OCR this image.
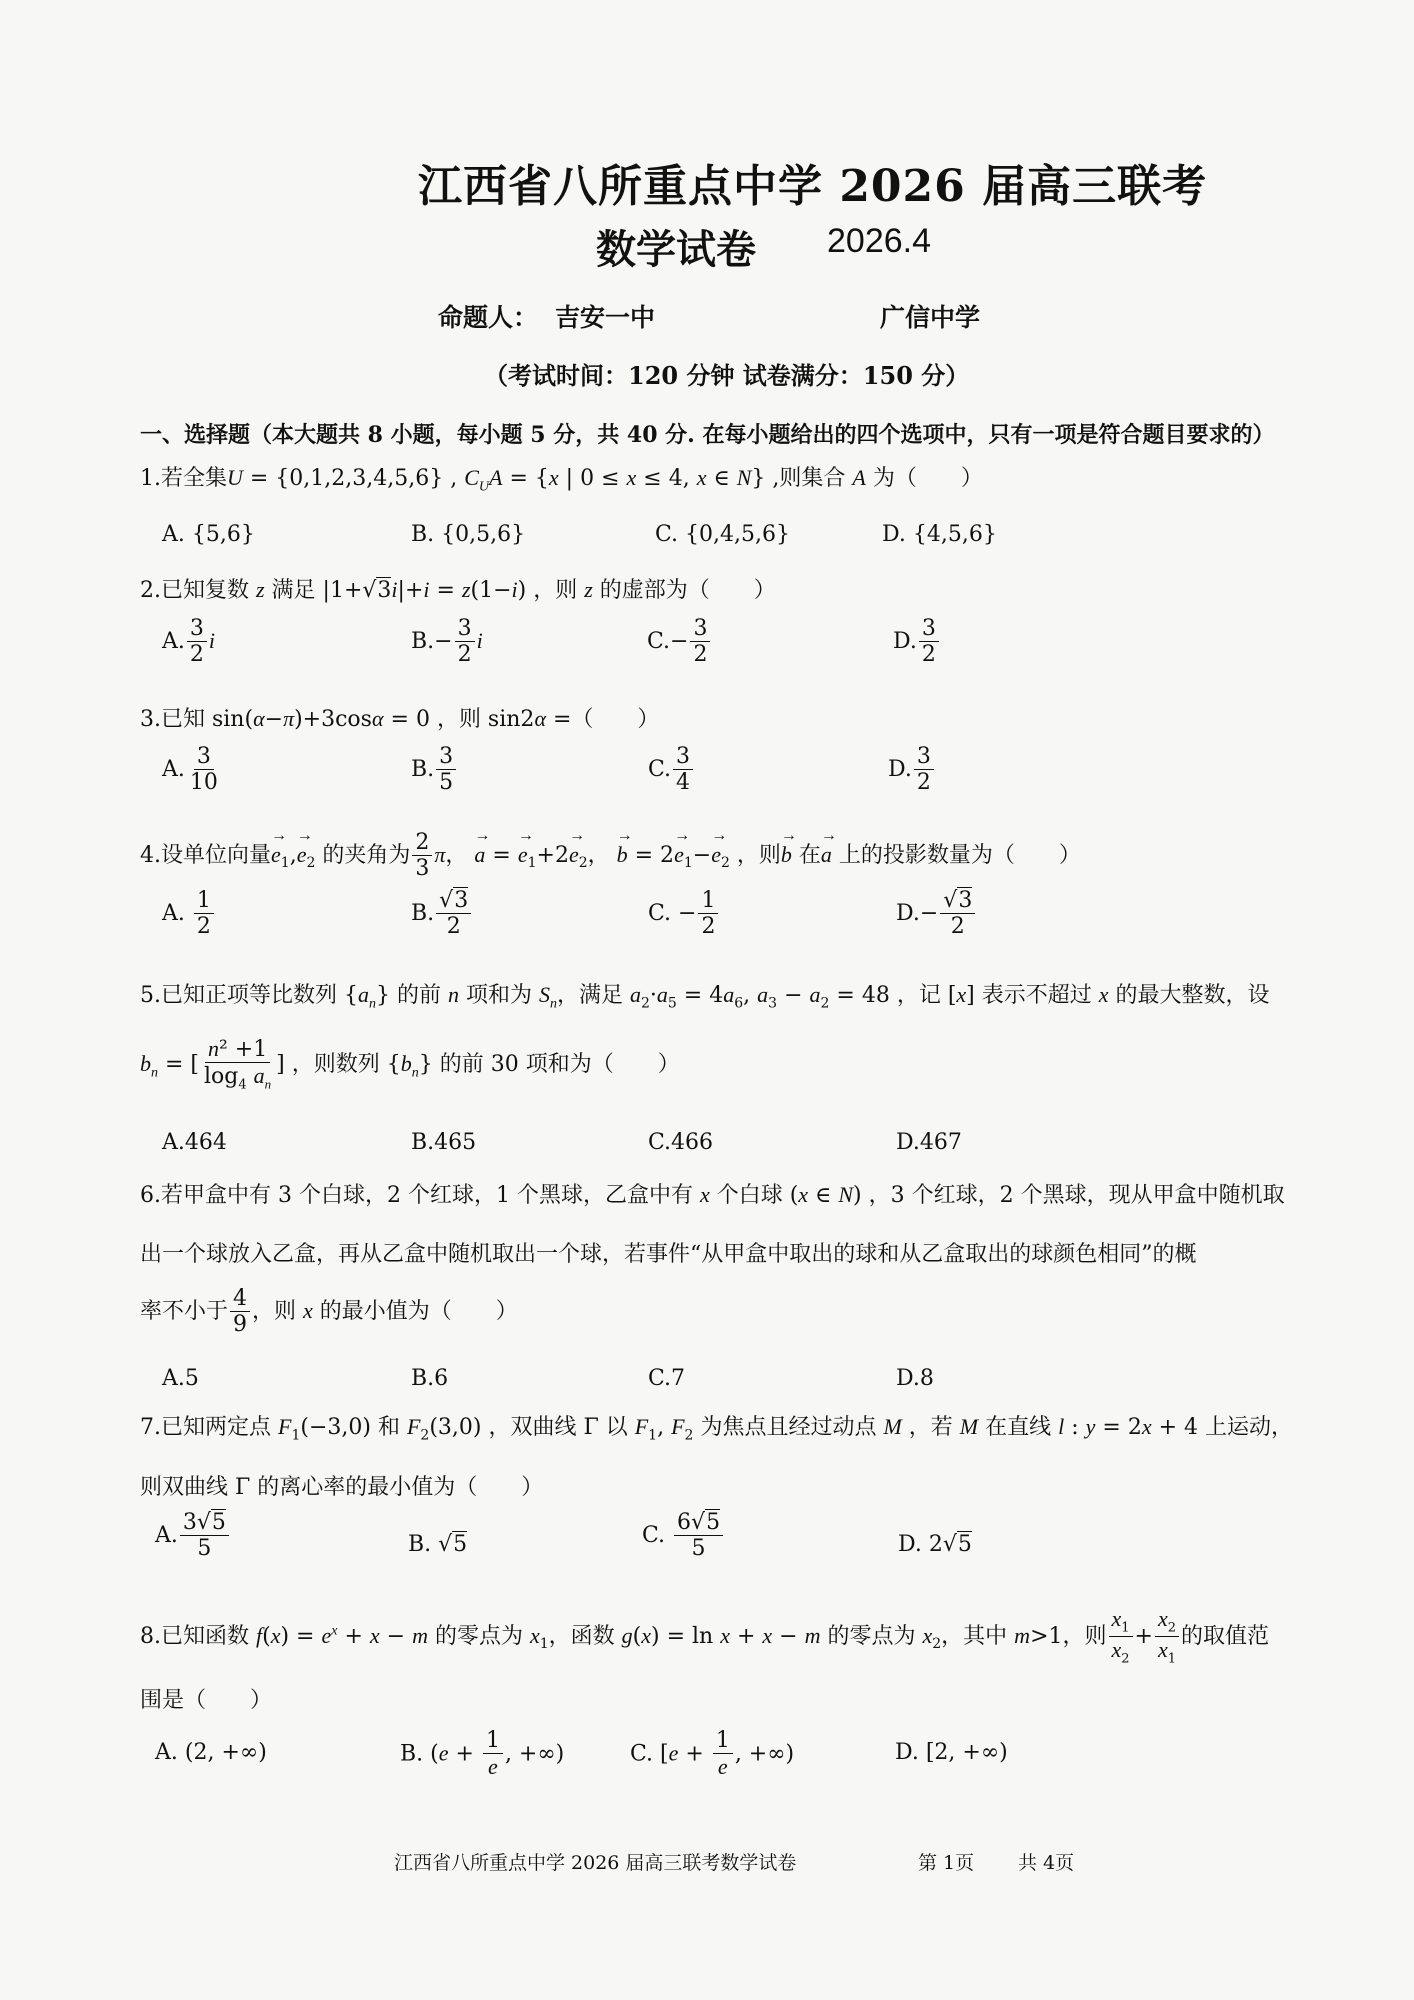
江西省八所重点中学 2026 届高三联考
数学试卷 2026.4
命题人： 吉安一中	广信中学
（考试时间：120 分钟 试卷满分：150 分）
一、选择题（本大题共 8 小题，每小题 5 分，共 40 分. 在每小题给出的四个选项中，只有一项是符合题目要求的）
1.若全集U = {0,1,2,3,4,5,6} , $C_UA = \{x$ | 0 ≤ x ≤ 4, x ∈ N} ,则集合 A 为（　　）
A. {5,6}	B. {0,5,6}	C. {0,4,5,6}	D. {4,5,6}
2.已知复数 z 满足 |1+√3i|+i = z(1−i) ，则 z 的虚部为（　　）
A. $\frac{3}{2}$ i	$B.- \frac{3}{2}$ i	$C.- \frac{3}{2}$	D. $\frac{3}{2}$
3.已知 sin(α−π)+3cosα = 0 ，则 sin2α =（　　）
A. $\frac{3}{10}$	B. $\frac{3}{5}$	C. $\frac{3}{4}$	D. $\frac{3}{2}$
4.设单位向量→ $e_1,\to e_2$ 的夹角为 $\frac{2}{3}$ π， → a = → $e_1+2\to e_2$， → $b = 2\to e_1-\to e_2$ ，则→ b 在→ a 上的投影数量为（　　）
A. $\frac{1}{2}$	B. $\frac{√3}{2}$	C. − $\frac{1}{2}$	$D.- \frac{√3}{2}$
5.已知正项等比数列 $\{a_n\}$ 的前 n 项和为 $S_n$，满足 $a_2\cdot a_5 = 4a_6$, $a_3 - a_2 = 48$ ，记 [x] 表示不超过 x 的最大整数，设
$b_n$ = [ $\frac{\text{n² +1}}{\log_4 a_n}$ ] ，则数列 $\{b_n\}$ 的前 30 项和为（　　）
A.464	B.465	C.466	D.467
6.若甲盒中有 3 个白球，2 个红球，1 个黑球，乙盒中有 x 个白球 (x ∈ N) ，3 个红球，2 个黑球，现从甲盒中随机取
出一个球放入乙盒，再从乙盒中随机取出一个球，若事件“从甲盒中取出的球和从乙盒取出的球颜色相同”的概
率不小于 $\frac{4}{9}$ ，则 x 的最小值为（　　）
A.5	B.6	C.7	D.8
7.已知两定点 $F_1(-3,0)$ 和 $F_2(3,0)$ ，双曲线 Γ 以 $F_1$, $F_2$ 为焦点且经过动点 M ，若 M 在直线 l : y = 2x + 4 上运动，
则双曲线 Γ 的离心率的最小值为（　　）
A. $\frac{3√5}{5}$	B. √5	C. $\frac{6√5}{5}$	D. 2√5
8.已知函数 $f(x) = e^x + x - m$ 的零点为 $x_1$，函数 g(x) = ln x + x − m 的零点为 $x_2$，其中 m>1，则 $\frac{x_1}{x_2} + \frac{x_2}{x_1}$ 的取值范
围是（　　）
A. (2, +∞)	B. ($e + \frac{1}{e}$ , +∞)	C. [$e + \frac{1}{e}$ , +∞)	D. [2, +∞)
江西省八所重点中学 2026 届高三联考数学试卷	第 1页 共 4页
